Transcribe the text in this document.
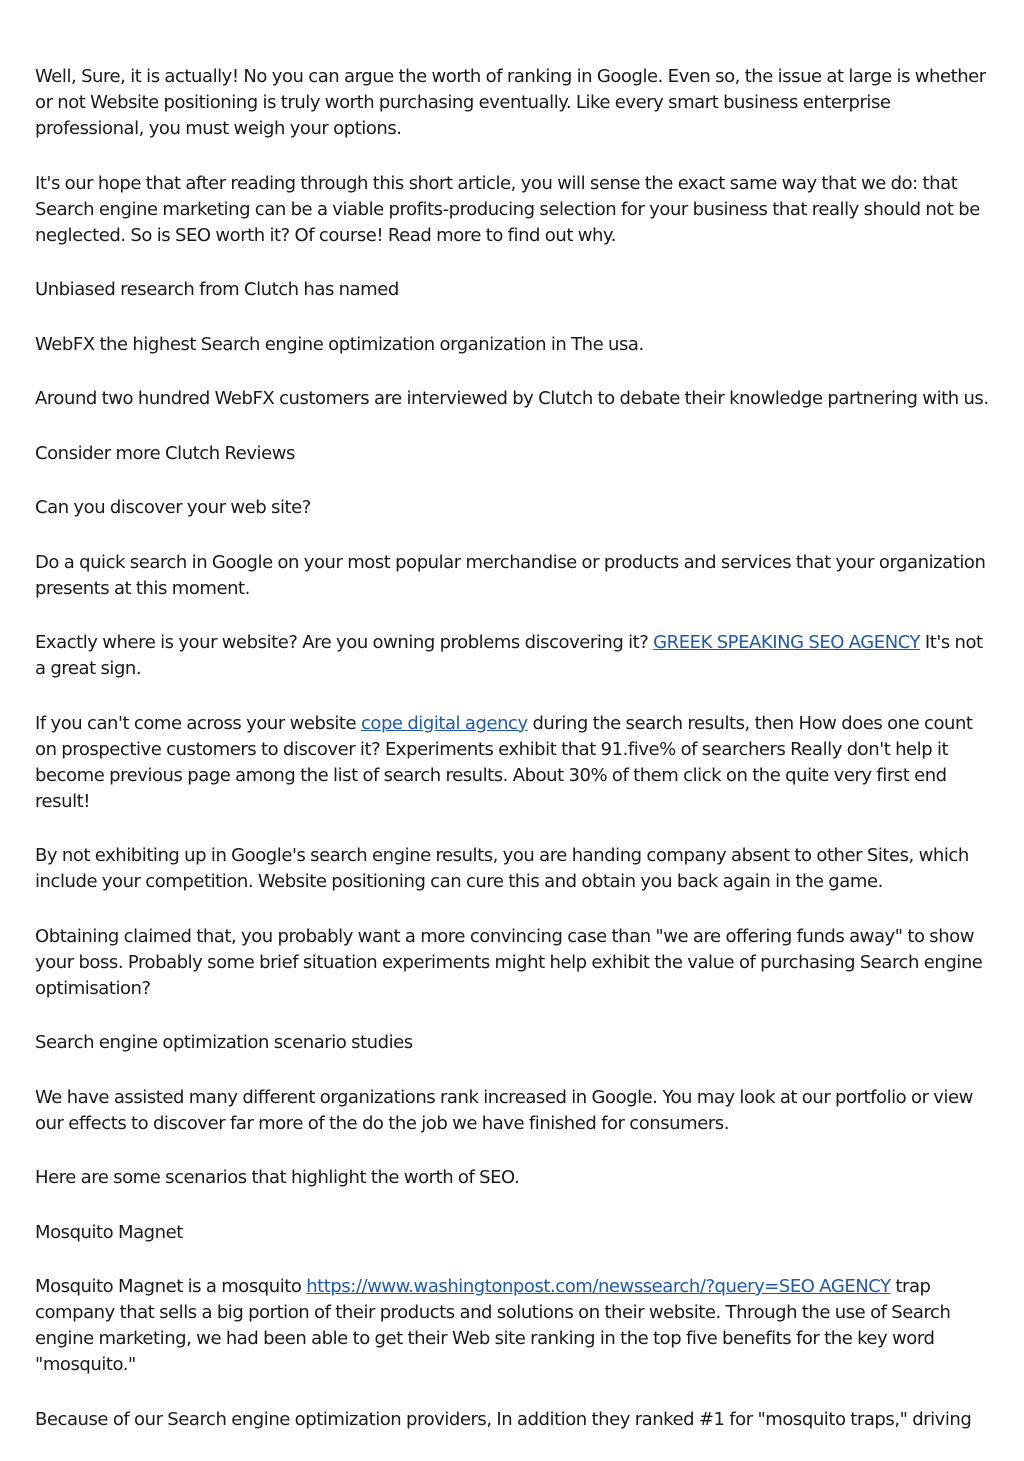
Well, Sure, it is actually! No you can argue the worth of ranking in Google. Even so, the issue at large is whether or not Website positioning is truly worth purchasing eventually. Like every smart business enterprise professional, you must weigh your options.

It's our hope that after reading through this short article, you will sense the exact same way that we do: that Search engine marketing can be a viable profits-producing selection for your business that really should not be neglected. So is SEO worth it? Of course! Read more to find out why.

Unbiased research from Clutch has named

WebFX the highest Search engine optimization organization in The usa.

Around two hundred WebFX customers are interviewed by Clutch to debate their knowledge partnering with us.

Consider more Clutch Reviews

Can you discover your web site?

Do a quick search in Google on your most popular merchandise or products and services that your organization presents at this moment.

Exactly where is your website? Are you owning problems discovering it? GREEK SPEAKING SEO AGENCY It's not a great sign.

If you can't come across your website cope digital agency during the search results, then How does one count on prospective customers to discover it? Experiments exhibit that 91.five% of searchers Really don't help it become previous page among the list of search results. About 30% of them click on the quite very first end result!

By not exhibiting up in Google's search engine results, you are handing company absent to other Sites, which include your competition. Website positioning can cure this and obtain you back again in the game.

Obtaining claimed that, you probably want a more convincing case than "we are offering funds away" to show your boss. Probably some brief situation experiments might help exhibit the value of purchasing Search engine optimisation?

Search engine optimization scenario studies

We have assisted many different organizations rank increased in Google. You may look at our portfolio or view our effects to discover far more of the do the job we have finished for consumers.

Here are some scenarios that highlight the worth of SEO.

Mosquito Magnet

Mosquito Magnet is a mosquito https://www.washingtonpost.com/newssearch/?query=SEO AGENCY trap company that sells a big portion of their products and solutions on their website. Through the use of Search engine marketing, we had been able to get their Web site ranking in the top five benefits for the key word "mosquito."

Because of our Search engine optimization providers, In addition they ranked #1 for "mosquito traps," driving
